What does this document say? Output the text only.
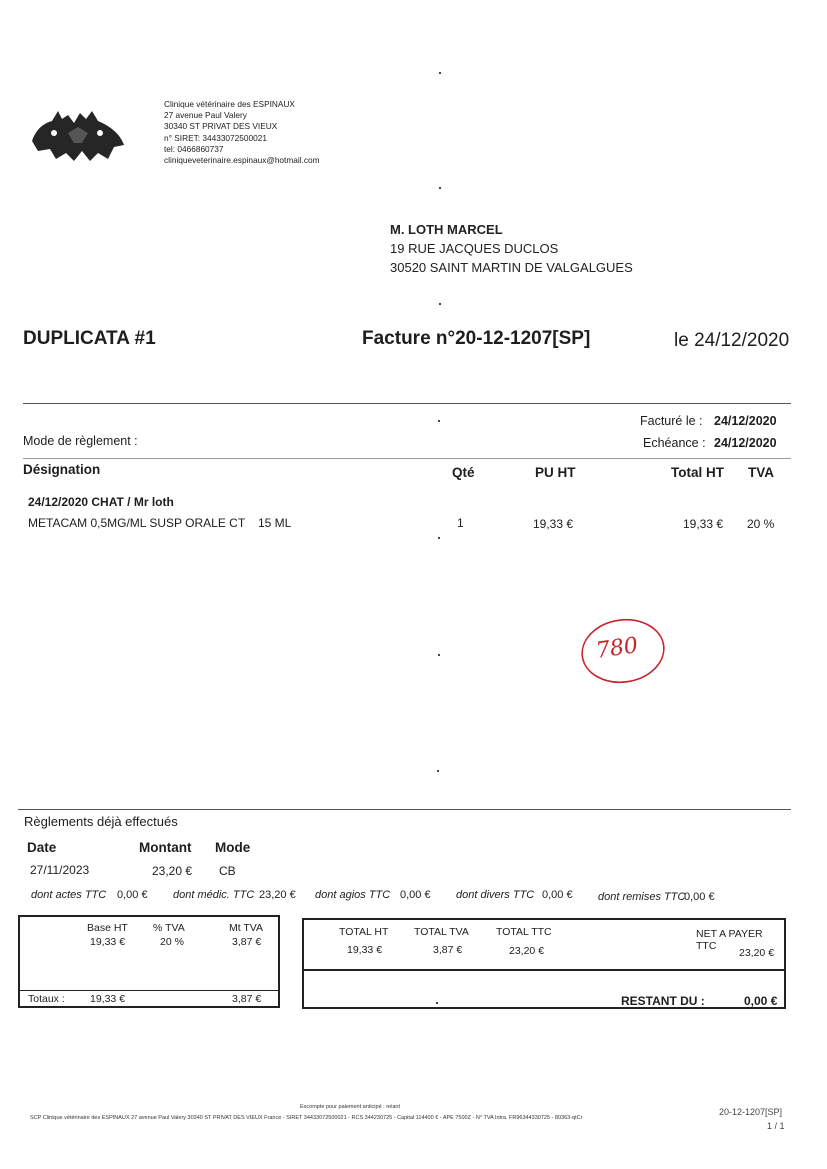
Clinique vétérinaire des ESPINAUX
27 avenue Paul Valery
30340 ST PRIVAT DES VIEUX
n° SIRET: 34433072500021
tel: 0466860737
cliniqueveterinaire.espinaux@hotmail.com
M. LOTH MARCEL
19 RUE JACQUES DUCLOS
30520 SAINT MARTIN DE VALGALGUES
DUPLICATA #1	Facture n°20-12-1207[SP]	le 24/12/2020
Mode de règlement :
Facturé le : 24/12/2020
Echéance : 24/12/2020
Désignation	Qté	PU HT	Total HT TVA
24/12/2020 CHAT / Mr loth
METACAM 0,5MG/ML SUSP ORALE CT 15 ML	1	19,33 €	19,33 € 20 %
780
Règlements déjà effectués
Date	Montant Mode
27/11/2023	23,20 € CB
dont actes TTC 0,00 € dont médic. TTC 23,20 € dont agios TTC 0,00 € dont divers TTC 0,00 € dont remises TTC
0,00 €
Base HT % TVA	Mt TVA
19,33 €	20 %	3,87 €
Totaux : 19,33 €	3,87 €
TOTAL HT TOTAL TVA	TOTAL TTC	NET A PAYER TTC
19,33 €	3,87 €	23,20 €	23,20 €
RESTANT DU :	0,00 €
Escompte pour paiement anticipé : néant
SCP Clinique vétérinaire des ESPINAUX 27 avenue Paul Valery 30340 ST PRIVAT DES VIEUX France - SIRET 34433072500021 - RCS 344230725 - Capital 114400 € - APE 7500Z - N° TVA Intra. FR96344330725 - 80363-qtCr
20-12-1207[SP]
1 / 1
